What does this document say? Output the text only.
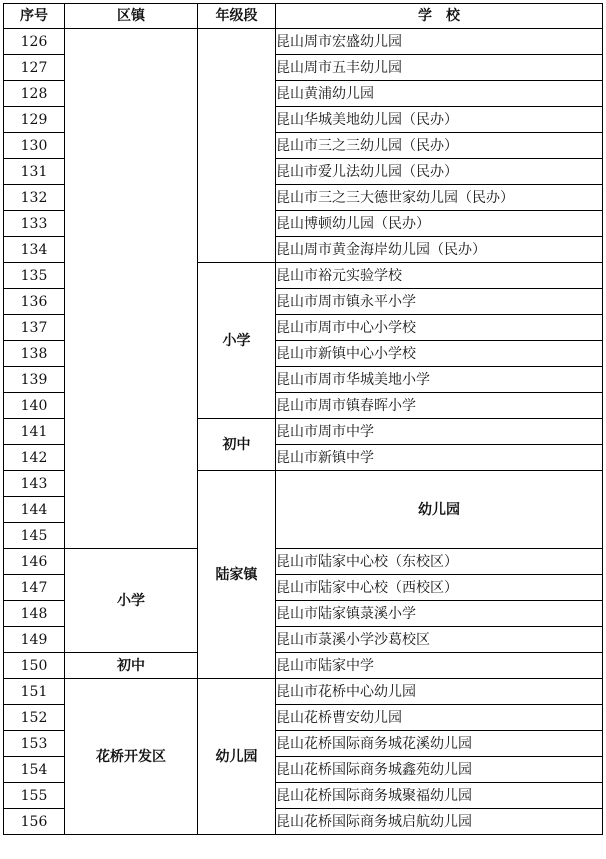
序号	区镇	年级段	学　校	
126			昆山周市宏盛幼儿园	
127			昆山周市五丰幼儿园	
128			昆山黄浦幼儿园	
129			昆山华城美地幼儿园（民办）	
130			昆山市三之三幼儿园（民办）	
131			昆山市爱儿法幼儿园（民办）	
132			昆山市三之三大德世家幼儿园（民办）	
133			昆山博顿幼儿园（民办）	
134			昆山周市黄金海岸幼儿园（民办）	
135		小学	昆山市裕元实验学校	
136			昆山市周市镇永平小学	
137			昆山市周市中心小学校	
138			昆山市新镇中心小学校	
139			昆山市周市华城美地小学	
140			昆山市周市镇春晖小学	
141		初中	昆山市周市中学	
142			昆山市新镇中学	
143		陆家镇	幼儿园	
144	
145	
146	小学		昆山市陆家中心校（东校区）	
147			昆山市陆家中心校（西校区）	
148			昆山市陆家镇菉溪小学	
149			昆山市菉溪小学沙葛校区	
150	初中		昆山市陆家中学	
151	花桥开发区	幼儿园	昆山市花桥中心幼儿园	
152			昆山花桥曹安幼儿园	
153			昆山花桥国际商务城花溪幼儿园	
154			昆山花桥国际商务城鑫苑幼儿园	
155			昆山花桥国际商务城聚福幼儿园	
156			昆山花桥国际商务城启航幼儿园	
